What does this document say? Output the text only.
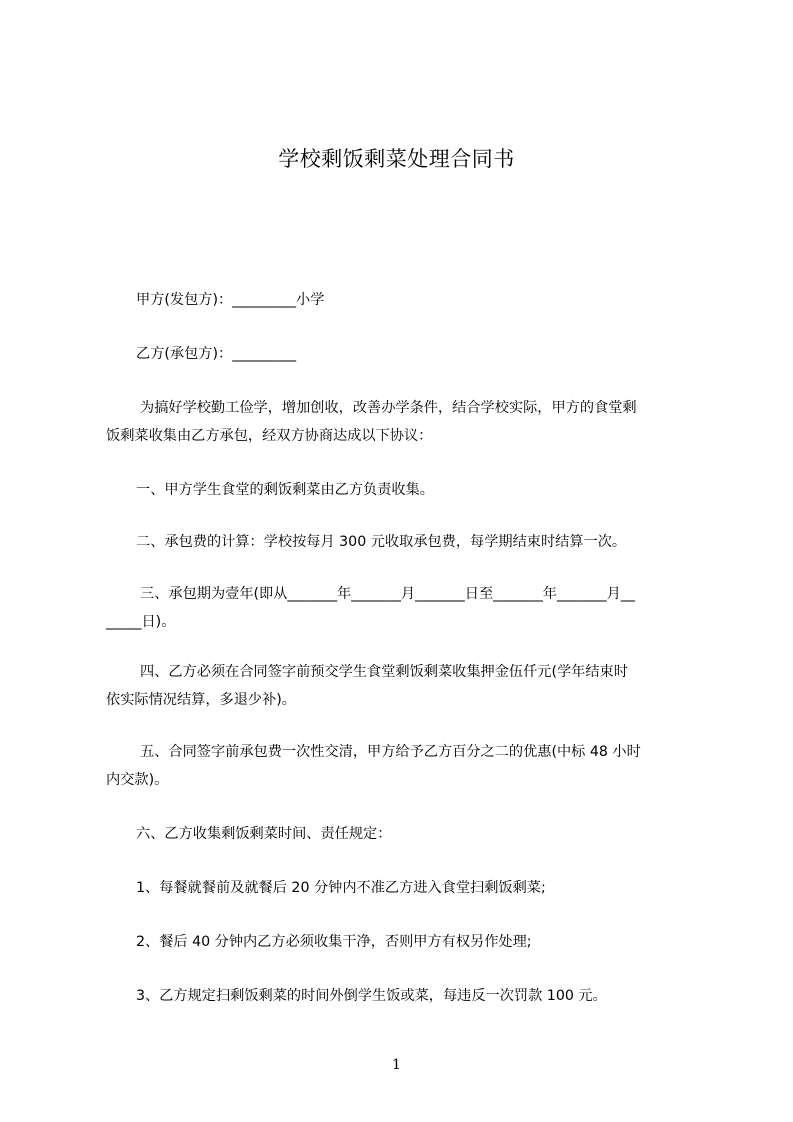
学校剩饭剩菜处理合同书
甲方(发包方)：_________小学
乙方(承包方)：_________
为搞好学校勤工俭学，增加创收，改善办学条件，结合学校实际，甲方的食堂剩
饭剩菜收集由乙方承包，经双方协商达成以下协议：
一、甲方学生食堂的剩饭剩菜由乙方负责收集。
二、承包费的计算：学校按每月 300 元收取承包费，每学期结束时结算一次。
三、承包期为壹年(即从_______年_______月_______日至_______年_______月__
_____日)。
四、乙方必须在合同签字前预交学生食堂剩饭剩菜收集押金伍仟元(学年结束时
依实际情况结算，多退少补)。
五、合同签字前承包费一次性交清，甲方给予乙方百分之二的优惠(中标 48 小时
内交款)。
六、乙方收集剩饭剩菜时间、责任规定：
1、每餐就餐前及就餐后 20 分钟内不准乙方进入食堂扫剩饭剩菜;
2、餐后 40 分钟内乙方必须收集干净，否则甲方有权另作处理;
3、乙方规定扫剩饭剩菜的时间外倒学生饭或菜，每违反一次罚款 100 元。
1
